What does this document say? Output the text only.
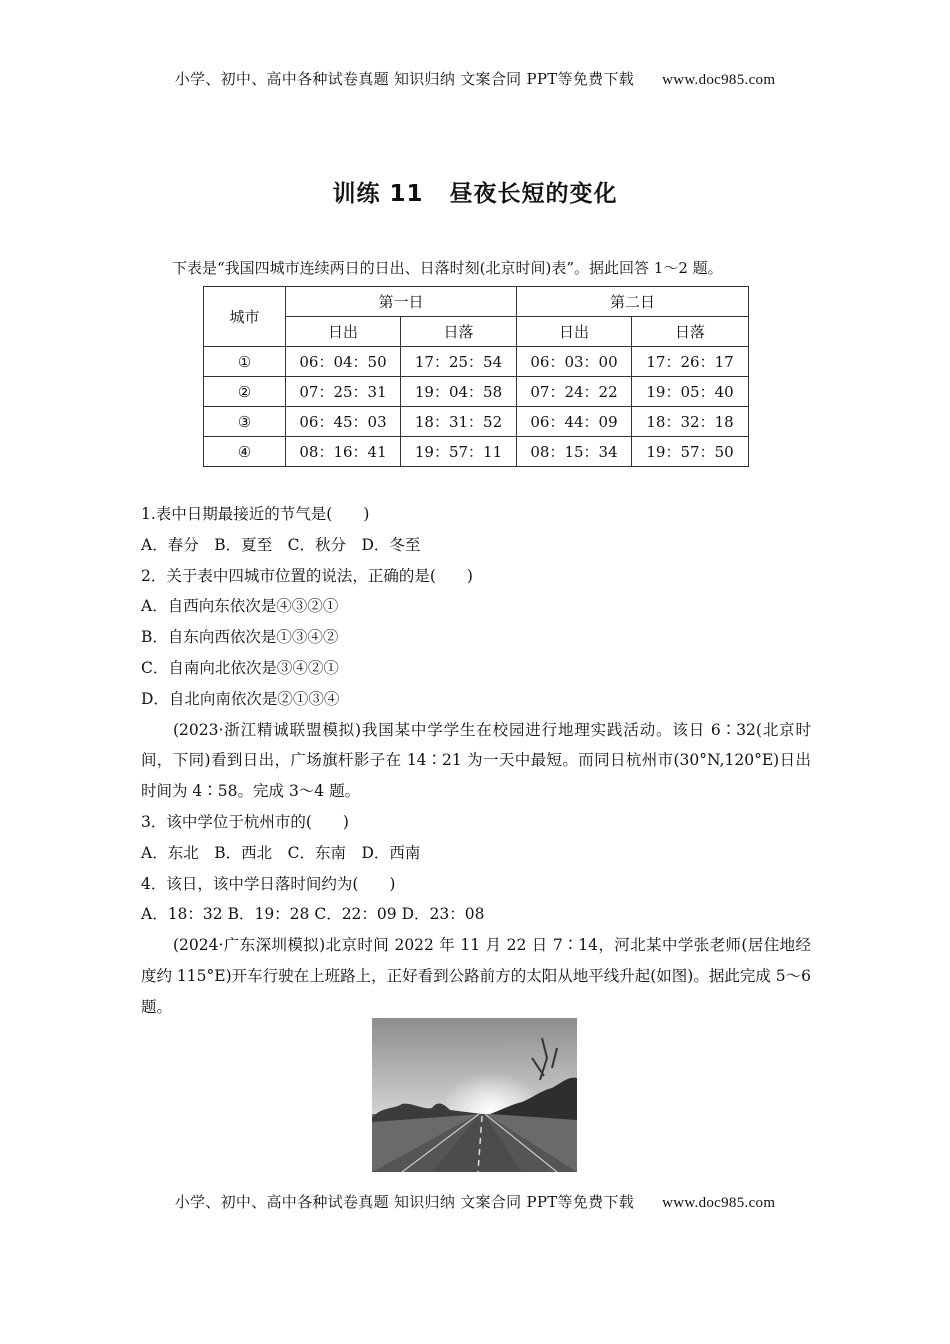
小学、初中、高中各种试卷真题 知识归纳 文案合同 PPT等免费下载 www.doc985.com
训练 11 昼夜长短的变化
下表是“我国四城市连续两日的日出、日落时刻(北京时间)表”。据此回答 1～2 题。
城市	第一日		第二日	
	日出	日落	日出	日落
①	06：04：50	17：25：54	06：03：00	17：26：17
②	07：25：31	19：04：58	07：24：22	19：05：40
③	06：45：03	18：31：52	06：44：09	18：32：18
④	08：16：41	19：57：11	08：15：34	19：57：50
1.表中日期最接近的节气是(　　)
A．春分　B．夏至　C．秋分　D．冬至
2．关于表中四城市位置的说法，正确的是(　　)
A．自西向东依次是④③②①
B．自东向西依次是①③④②
C．自南向北依次是③④②①
D．自北向南依次是②①③④
(2023·浙江精诚联盟模拟)我国某中学学生在校园进行地理实践活动。该日 6∶32(北京时间，下同)看到日出，广场旗杆影子在 14∶21 为一天中最短。而同日杭州市(30°N,120°E)日出时间为 4∶58。完成 3～4 题。
3．该中学位于杭州市的(　　)
A．东北　B．西北　C．东南　D．西南
4．该日，该中学日落时间约为(　　)
A．18：32 B．19：28 C．22：09 D．23：08
(2024·广东深圳模拟)北京时间 2022 年 11 月 22 日 7∶14，河北某中学张老师(居住地经度约 115°E)开车行驶在上班路上，正好看到公路前方的太阳从地平线升起(如图)。据此完成 5～6 题。
小学、初中、高中各种试卷真题 知识归纳 文案合同 PPT等免费下载 www.doc985.com
